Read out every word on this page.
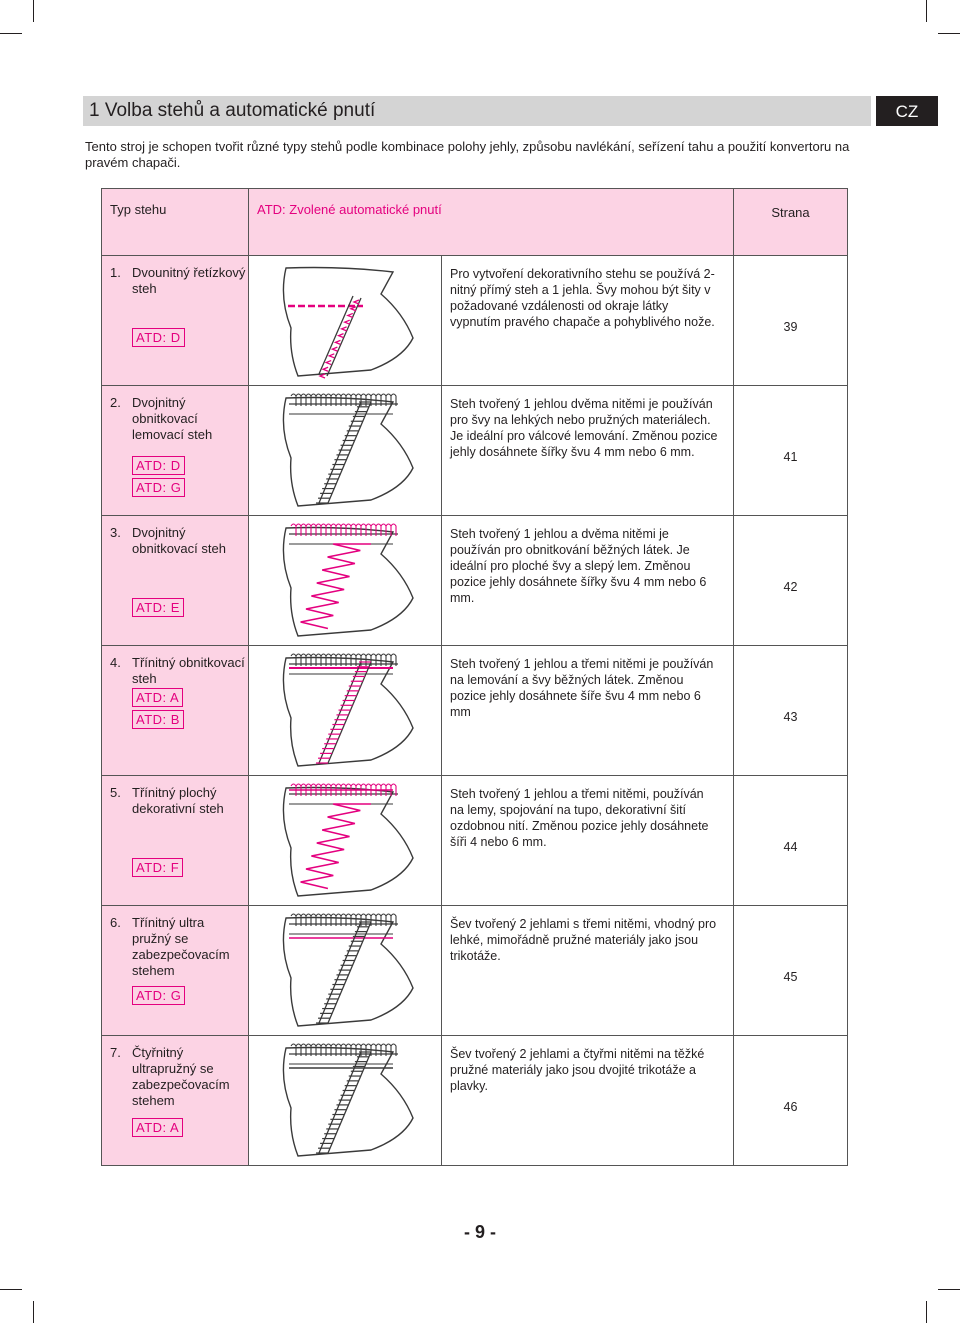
1 Volba stehů a automatické pnutí	CZ
Tento stroj je schopen tvořit různé typy stehů podle kombinace polohy jehly, způsobu navlékání, seřízení tahu a použití konvertoru na pravém chapači.
Typ stehu	ATD: Zvolené automatické pnutí		Strana

1. Dvounitný řetízkový steh
ATD: D		Pro vytvoření dekorativního stehu se používá 2-nitný přímý steh a 1 jehla. Švy mohou být šity v požadované vzdálenosti od okraje látky vypnutím pravého chapače a pohyblivého nože.	39

2. Dvojnitný obnitkovací lemovací steh
ATD: D
ATD: G		Steh tvořený 1 jehlou dvěma nitěmi je používán pro švy na lehkých nebo pružných materiálech. Je ideální pro válcové lemování. Změnou pozice jehly dosáhnete šířky švu 4 mm nebo 6 mm.	41

3. Dvojnitný obnitkovací steh
ATD: E		Steh tvořený 1 jehlou a dvěma nitěmi je používán pro obnitkování běžných látek. Je ideální pro ploché švy a slepý lem. Změnou pozice jehly dosáhnete šířky švu 4 mm nebo 6 mm.	42

4. Třínitný obnitkovací steh
ATD: A
ATD: B		Steh tvořený 1 jehlou a třemi nitěmi je používán na lemování a švy běžných látek. Změnou pozice jehly dosáhnete šíře švu 4 mm nebo 6 mm	43

5. Třínitný plochý dekorativní steh
ATD: F		Steh tvořený 1 jehlou a třemi nitěmi, používán na lemy, spojování na tupo, dekorativní šití ozdobnou nití. Změnou pozice jehly dosáhnete šíři 4 nebo 6 mm.	44

6. Třínitný ultra pružný se zabezpečovacím stehem
ATD: G		Šev tvořený 2 jehlami s třemi nitěmi, vhodný pro lehké, mimořádně pružné materiály jako jsou trikotáže.	45

7. Čtyřnitný ultrapružný se zabezpečovacím stehem
ATD: A		Šev tvořený 2 jehlami a čtyřmi nitěmi na těžké pružné materiály jako jsou dvojité trikotáže a plavky.	46
- 9 -
